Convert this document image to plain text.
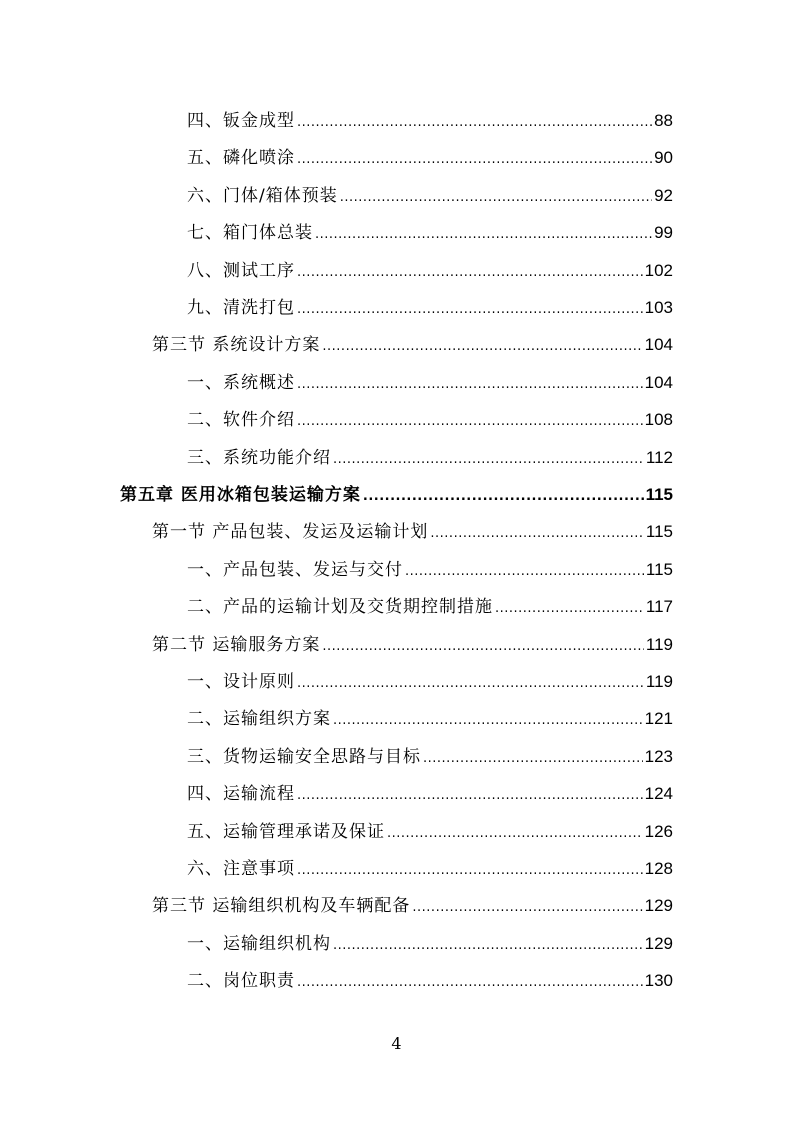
四、钣金成型 .....	88
五、磷化喷涂 .....	90
六、门体/箱体预装 .....	92
七、箱门体总装 .....	99
八、测试工序 .....	102
九、清洗打包 .....	103
第三节 系统设计方案 .....	104
一、系统概述 .....	104
二、软件介绍 .....	108
三、系统功能介绍 .....	112
第五章 医用冰箱包装运输方案 .....	115
第一节 产品包装、发运及运输计划 .....	115
一、产品包装、发运与交付 .....	115
二、产品的运输计划及交货期控制措施 .....	117
第二节 运输服务方案 .....	119
一、设计原则 .....	119
二、运输组织方案 .....	121
三、货物运输安全思路与目标 .....	123
四、运输流程 .....	124
五、运输管理承诺及保证 .....	126
六、注意事项 .....	128
第三节 运输组织机构及车辆配备 .....	129
一、运输组织机构 .....	129
二、岗位职责 .....	130
4
